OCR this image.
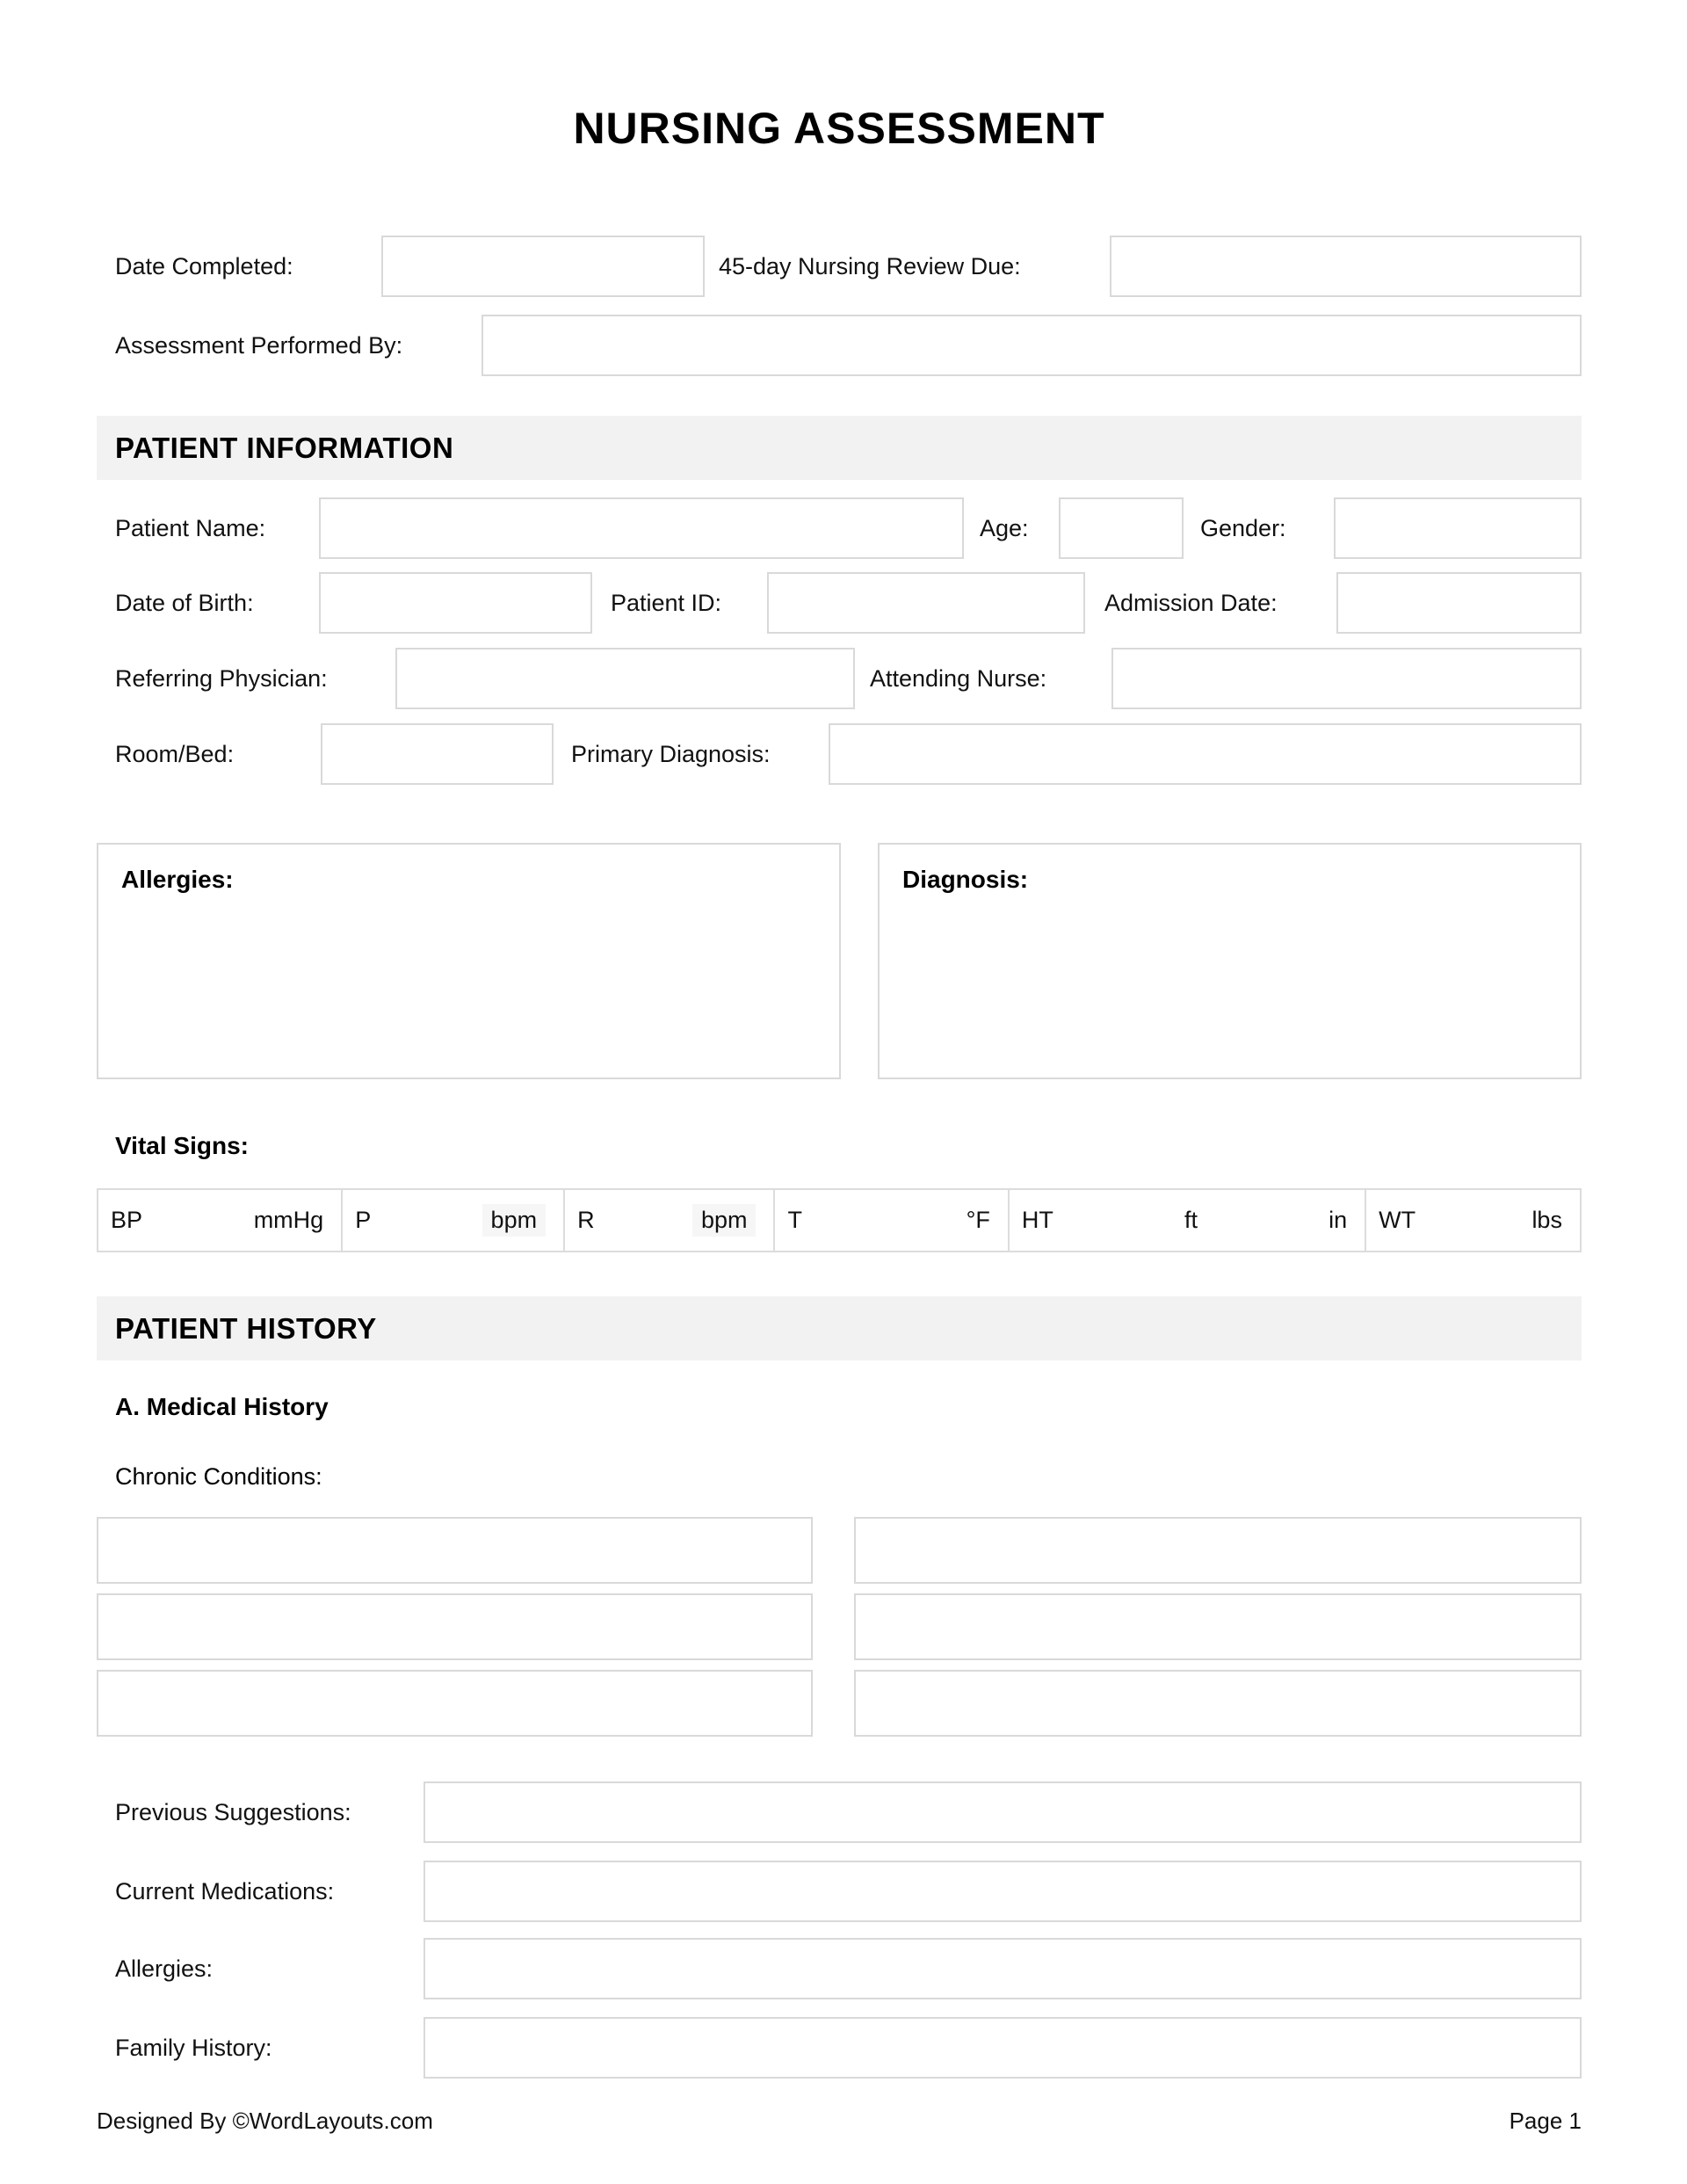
NURSING ASSESSMENT
Date Completed:	45-day Nursing Review Due:
Assessment Performed By:
PATIENT INFORMATION
Patient Name:	Age:	Gender:
Date of Birth:	Patient ID:	Admission Date:
Referring Physician:	Attending Nurse:
Room/Bed:	Primary Diagnosis:
Allergies:	Diagnosis:
Vital Signs:
BP	mmHg P	bpm	R	bpm	T	°F HT	ft	in WT	lbs
PATIENT HISTORY
A. Medical History
Chronic Conditions:
Previous Suggestions:
Current Medications:
Allergies:
Family History:
Designed By ©WordLayouts.com	Page 1
